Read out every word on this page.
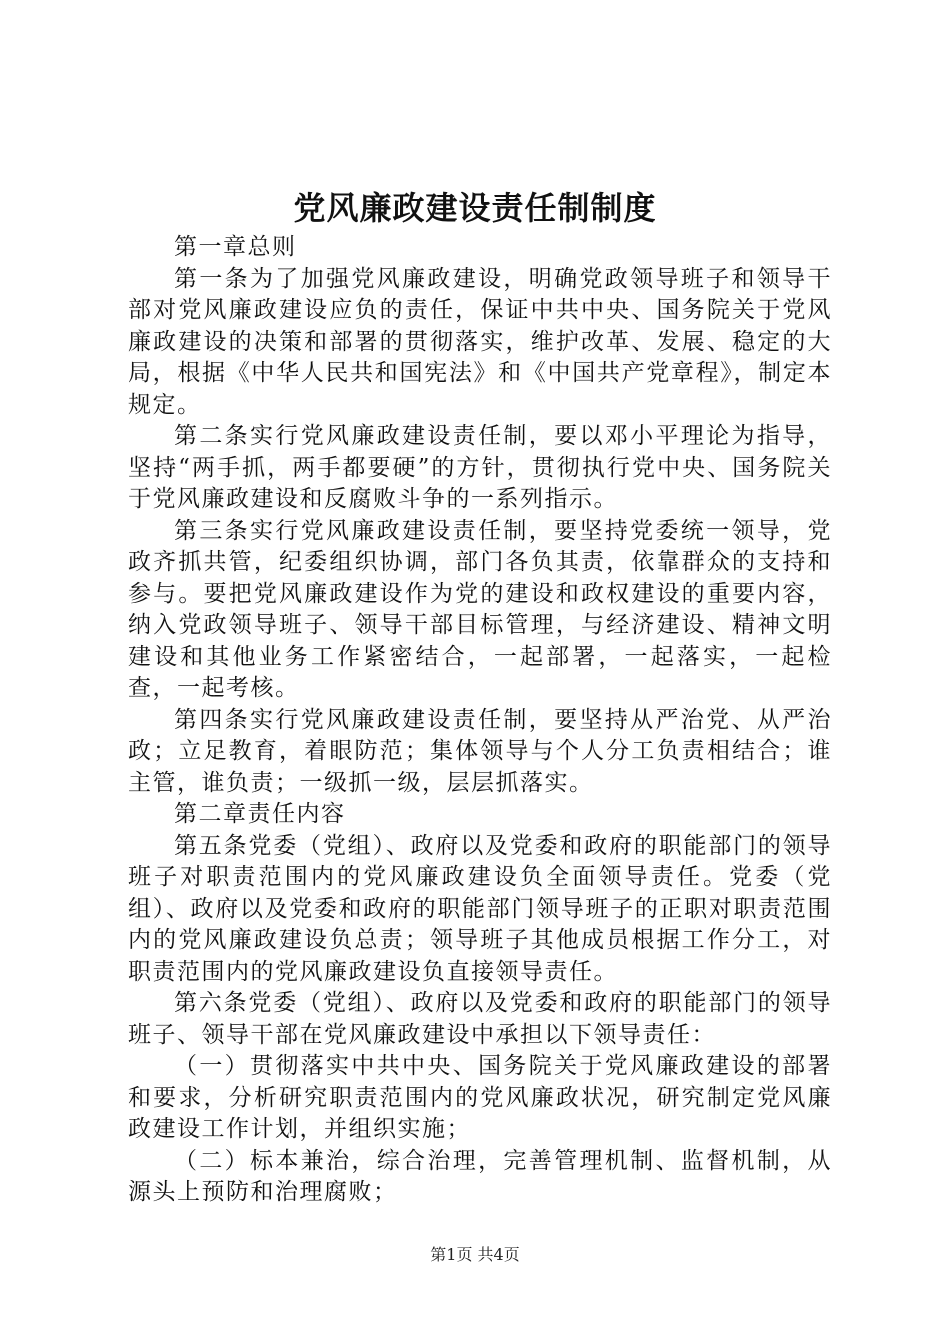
党风廉政建设责任制制度

第一章总则

第一条为了加强党风廉政建设，明确党政领导班子和领导干部对党风廉政建设应负的责任，保证中共中央、国务院关于党风廉政建设的决策和部署的贯彻落实，维护改革、发展、稳定的大局，根据《中华人民共和国宪法》和《中国共产党章程》，制定本规定。

第二条实行党风廉政建设责任制，要以邓小平理论为指导，坚持“两手抓，两手都要硬”的方针，贯彻执行党中央、国务院关于党风廉政建设和反腐败斗争的一系列指示。

第三条实行党风廉政建设责任制，要坚持党委统一领导，党政齐抓共管，纪委组织协调，部门各负其责，依靠群众的支持和参与。要把党风廉政建设作为党的建设和政权建设的重要内容，纳入党政领导班子、领导干部目标管理，与经济建设、精神文明建设和其他业务工作紧密结合，一起部署，一起落实，一起检查，一起考核。

第四条实行党风廉政建设责任制，要坚持从严治党、从严治政；立足教育，着眼防范；集体领导与个人分工负责相结合；谁主管，谁负责；一级抓一级，层层抓落实。

第二章责任内容

第五条党委（党组）、政府以及党委和政府的职能部门的领导班子对职责范围内的党风廉政建设负全面领导责任。党委（党组）、政府以及党委和政府的职能部门领导班子的正职对职责范围内的党风廉政建设负总责；领导班子其他成员根据工作分工，对职责范围内的党风廉政建设负直接领导责任。

第六条党委（党组）、政府以及党委和政府的职能部门的领导班子、领导干部在党风廉政建设中承担以下领导责任：

（一）贯彻落实中共中央、国务院关于党风廉政建设的部署和要求，分析研究职责范围内的党风廉政状况，研究制定党风廉政建设工作计划，并组织实施；

（二）标本兼治，综合治理，完善管理机制、监督机制，从源头上预防和治理腐败；

第1页 共4页
